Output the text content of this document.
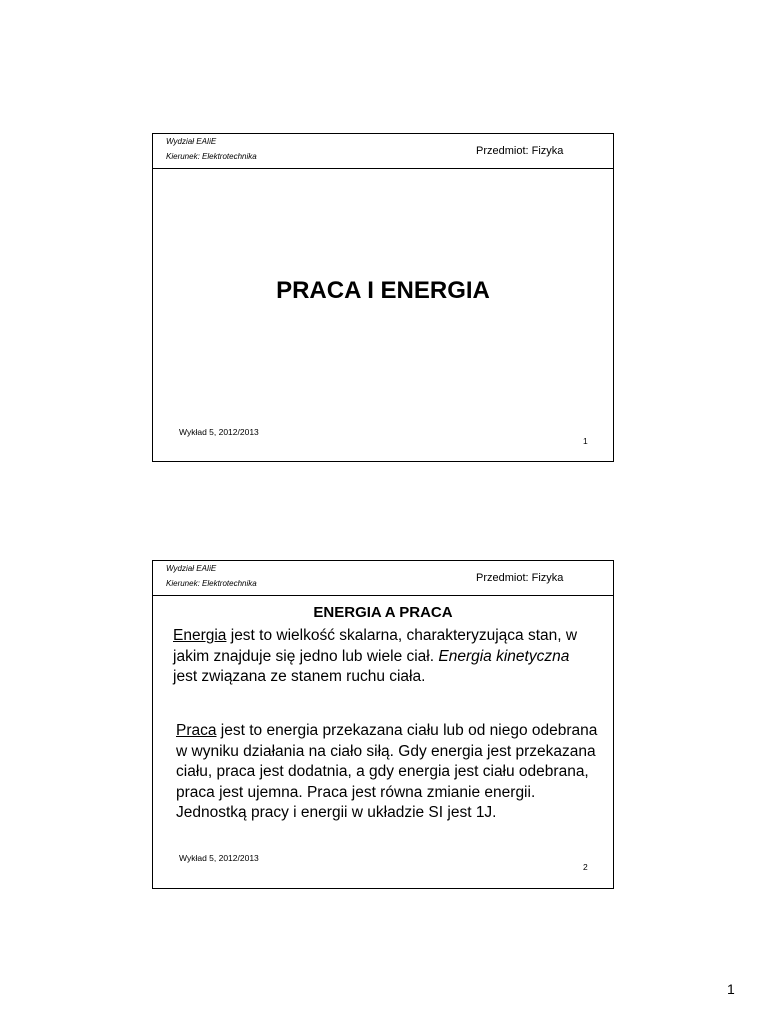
Wydział EAIiE
Kierunek: Elektrotechnika	Przedmiot: Fizyka
PRACA I ENERGIA
Wykład 5, 2012/2013
1
Wydział EAIiE
Kierunek: Elektrotechnika	Przedmiot: Fizyka
ENERGIA A PRACA
Energia jest to wielkość skalarna, charakteryzująca stan, w jakim znajduje się jedno lub wiele ciał. Energia kinetyczna jest związana ze stanem ruchu ciała.
Praca jest to energia przekazana ciału lub od niego odebrana w wyniku działania na ciało siłą. Gdy energia jest przekazana ciału, praca jest dodatnia, a gdy energia jest ciału odebrana, praca jest ujemna. Praca jest równa zmianie energii. Jednostką pracy i energii w układzie SI jest 1J.
Wykład 5, 2012/2013
2
1
